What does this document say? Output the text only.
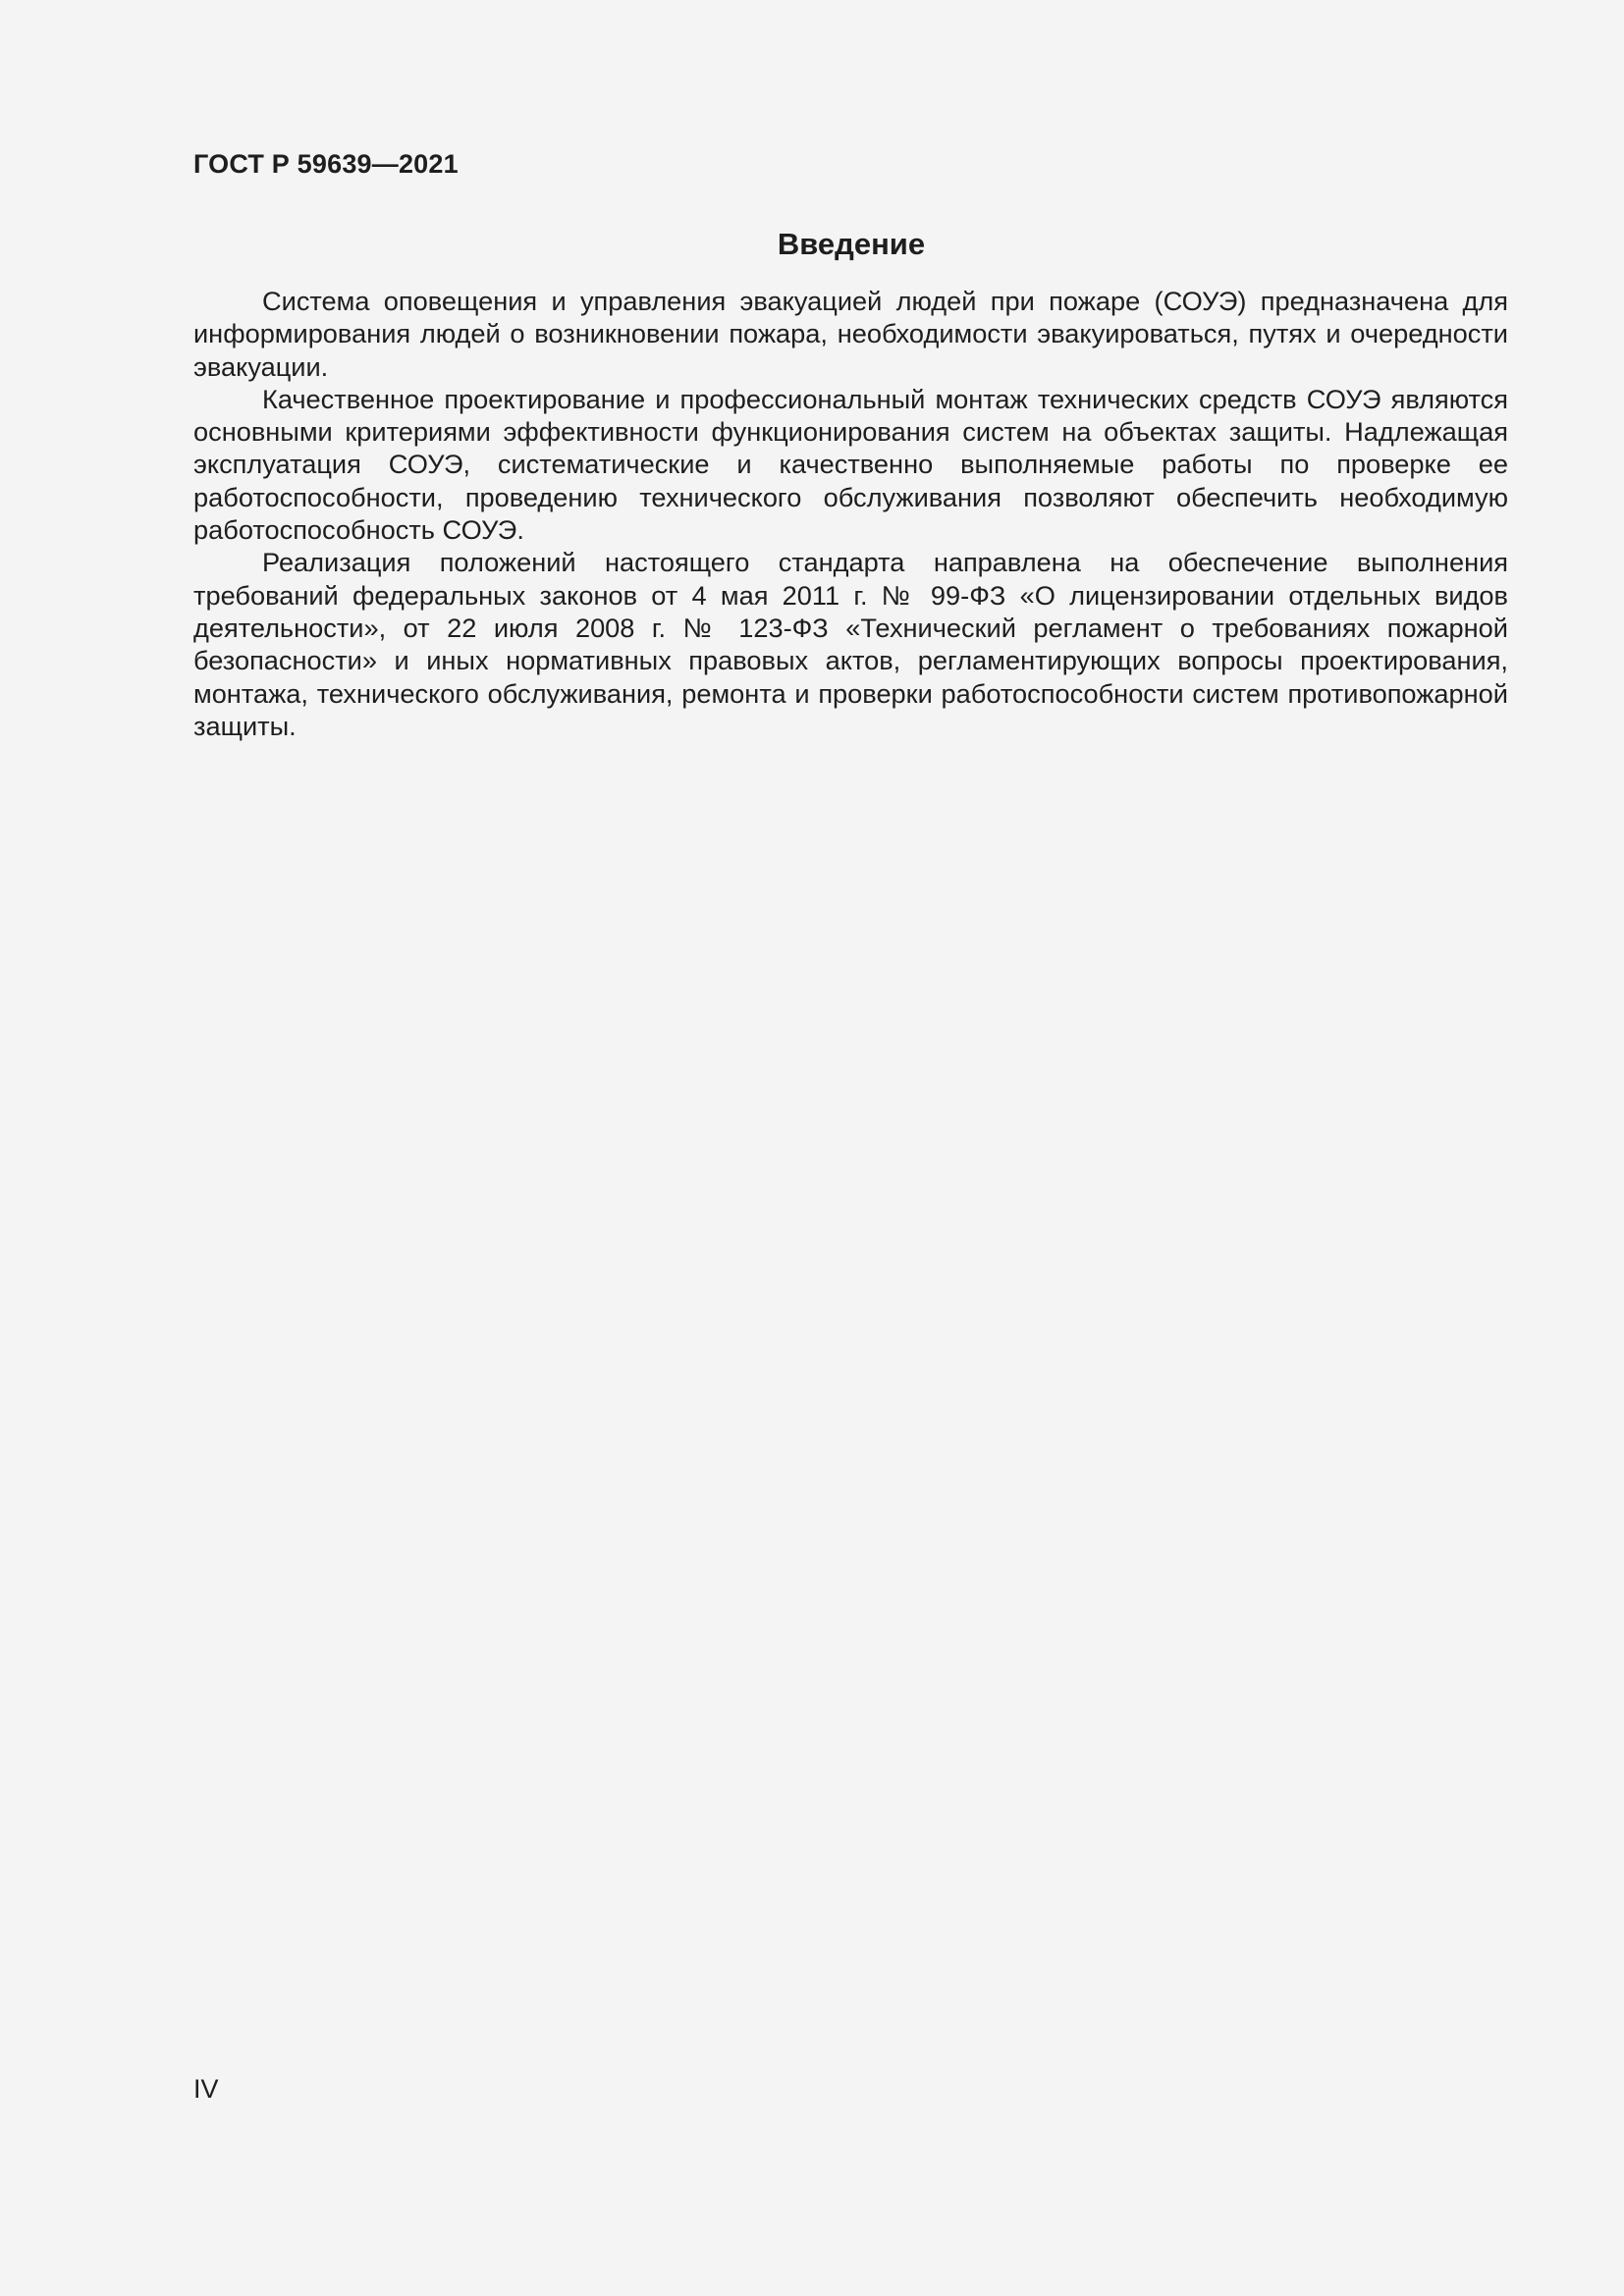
ГОСТ Р 59639—2021
Введение

Система оповещения и управления эвакуацией людей при пожаре (СОУЭ) предназначена для информирования людей о возникновении пожара, необходимости эвакуироваться, путях и очередности эвакуации.

Качественное проектирование и профессиональный монтаж технических средств СОУЭ являются основными критериями эффективности функционирования систем на объектах защиты. Надлежащая эксплуатация СОУЭ, систематические и качественно выполняемые работы по проверке ее работоспособности, проведению технического обслуживания позволяют обеспечить необходимую работоспособность СОУЭ.

Реализация положений настоящего стандарта направлена на обеспечение выполнения требований федеральных законов от 4 мая 2011 г. № 99-ФЗ «О лицензировании отдельных видов деятельности», от 22 июля 2008 г. № 123-ФЗ «Технический регламент о требованиях пожарной безопасности» и иных нормативных правовых актов, регламентирующих вопросы проектирования, монтажа, технического обслуживания, ремонта и проверки работоспособности систем противопожарной защиты.

IV
